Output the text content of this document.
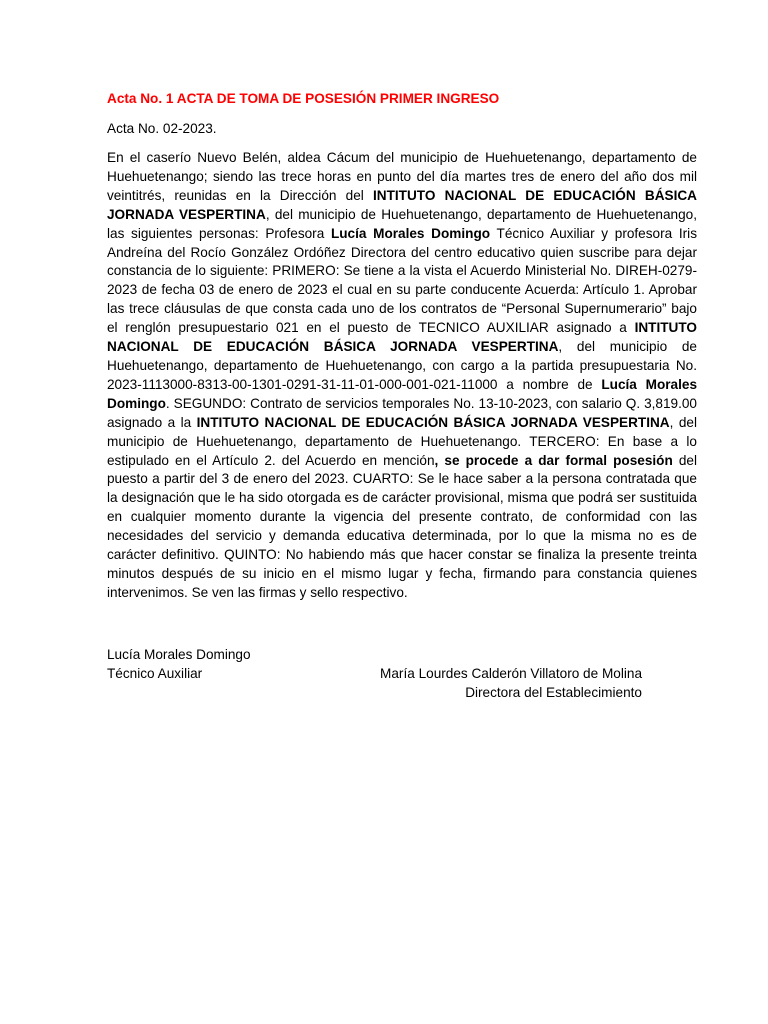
Acta No. 1 ACTA DE TOMA DE POSESIÓN PRIMER INGRESO
Acta No. 02-2023.
En el caserío Nuevo Belén, aldea Cácum del municipio de Huehuetenango, departamento de Huehuetenango; siendo las trece horas en punto del día martes tres de enero del año dos mil veintitrés, reunidas en la Dirección del INTITUTO NACIONAL DE EDUCACIÓN BÁSICA JORNADA VESPERTINA, del municipio de Huehuetenango, departamento de Huehuetenango, las siguientes personas: Profesora Lucía Morales Domingo Técnico Auxiliar y profesora Iris Andreína del Rocío González Ordóñez Directora del centro educativo quien suscribe para dejar constancia de lo siguiente: PRIMERO: Se tiene a la vista el Acuerdo Ministerial No. DIREH-0279-2023 de fecha 03 de enero de 2023 el cual en su parte conducente Acuerda: Artículo 1. Aprobar las trece cláusulas de que consta cada uno de los contratos de “Personal Supernumerario” bajo el renglón presupuestario 021 en el puesto de TECNICO AUXILIAR asignado a INTITUTO NACIONAL DE EDUCACIÓN BÁSICA JORNADA VESPERTINA, del municipio de Huehuetenango, departamento de Huehuetenango, con cargo a la partida presupuestaria No. 2023-1113000-8313-00-1301-0291-31-11-01-000-001-021-11000 a nombre de Lucía Morales Domingo. SEGUNDO: Contrato de servicios temporales No. 13-10-2023, con salario Q. 3,819.00 asignado a la INTITUTO NACIONAL DE EDUCACIÓN BÁSICA JORNADA VESPERTINA, del municipio de Huehuetenango, departamento de Huehuetenango. TERCERO: En base a lo estipulado en el Artículo 2. del Acuerdo en mención, se procede a dar formal posesión del puesto a partir del 3 de enero del 2023. CUARTO: Se le hace saber a la persona contratada que la designación que le ha sido otorgada es de carácter provisional, misma que podrá ser sustituida en cualquier momento durante la vigencia del presente contrato, de conformidad con las necesidades del servicio y demanda educativa determinada, por lo que la misma no es de carácter definitivo. QUINTO: No habiendo más que hacer constar se finaliza la presente treinta minutos después de su inicio en el mismo lugar y fecha, firmando para constancia quienes intervenimos. Se ven las firmas y sello respectivo.
Lucía Morales Domingo
Técnico Auxiliar	María Lourdes Calderón Villatoro de Molina
Directora del Establecimiento
